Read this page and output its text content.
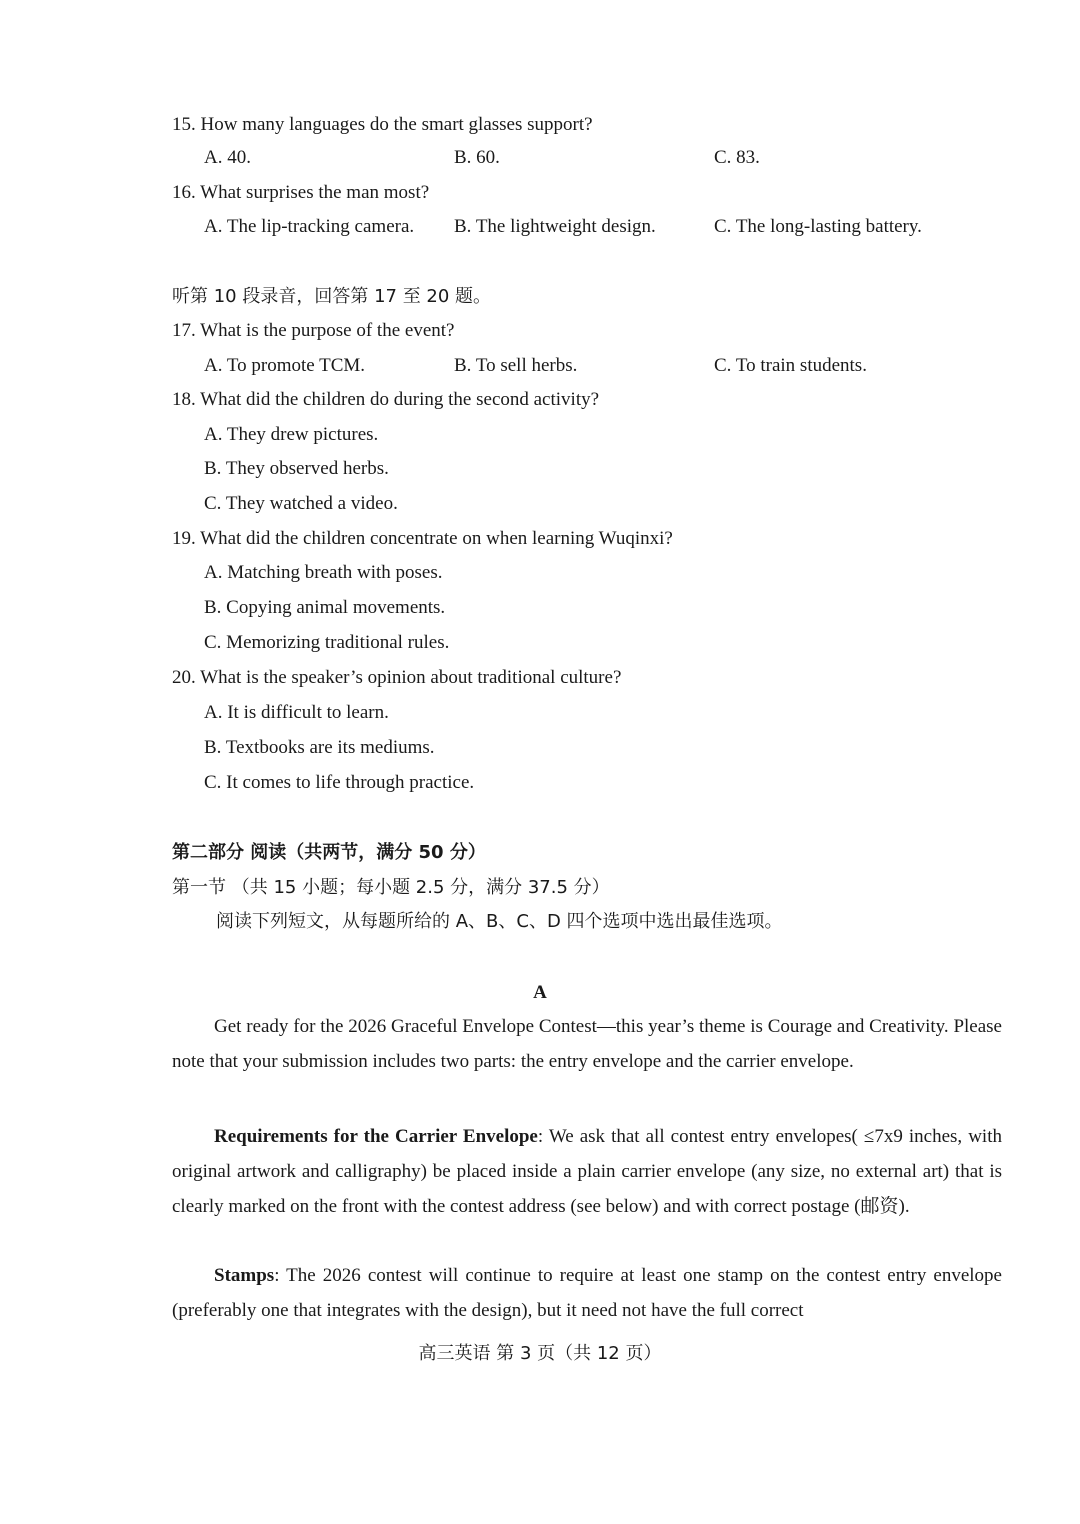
15. How many languages do the smart glasses support?
A. 40.	B. 60.	C. 83.
16. What surprises the man most?
A. The lip-tracking camera. B. The lightweight design.	C. The long-lasting battery.
听第 10 段录音，回答第 17 至 20 题。
17. What is the purpose of the event?
A. To promote TCM.	B. To sell herbs.	C. To train students.
18. What did the children do during the second activity?
A. They drew pictures.
B. They observed herbs.
C. They watched a video.
19. What did the children concentrate on when learning Wuqinxi?
A. Matching breath with poses.
B. Copying animal movements.
C. Memorizing traditional rules.
20. What is the speaker’s opinion about traditional culture?
A. It is difficult to learn.
B. Textbooks are its mediums.
C. It comes to life through practice.
第二部分 阅读（共两节，满分 50 分）
第一节 （共 15 小题；每小题 2.5 分，满分 37.5 分）
阅读下列短文，从每题所给的 A、B、C、D 四个选项中选出最佳选项。
A
Get ready for the 2026 Graceful Envelope Contest—this year’s theme is Courage and Creativity. Please note that your submission includes two parts: the entry envelope and the carrier envelope.
Requirements for the Carrier Envelope: We ask that all contest entry envelopes( ≤7x9 inches, with original artwork and calligraphy) be placed inside a plain carrier envelope (any size, no external art) that is clearly marked on the front with the contest address (see below) and with correct postage (邮资).
Stamps: The 2026 contest will continue to require at least one stamp on the contest entry envelope (preferably one that integrates with the design), but it need not have the full correct
高三英语 第 3 页（共 12 页）
